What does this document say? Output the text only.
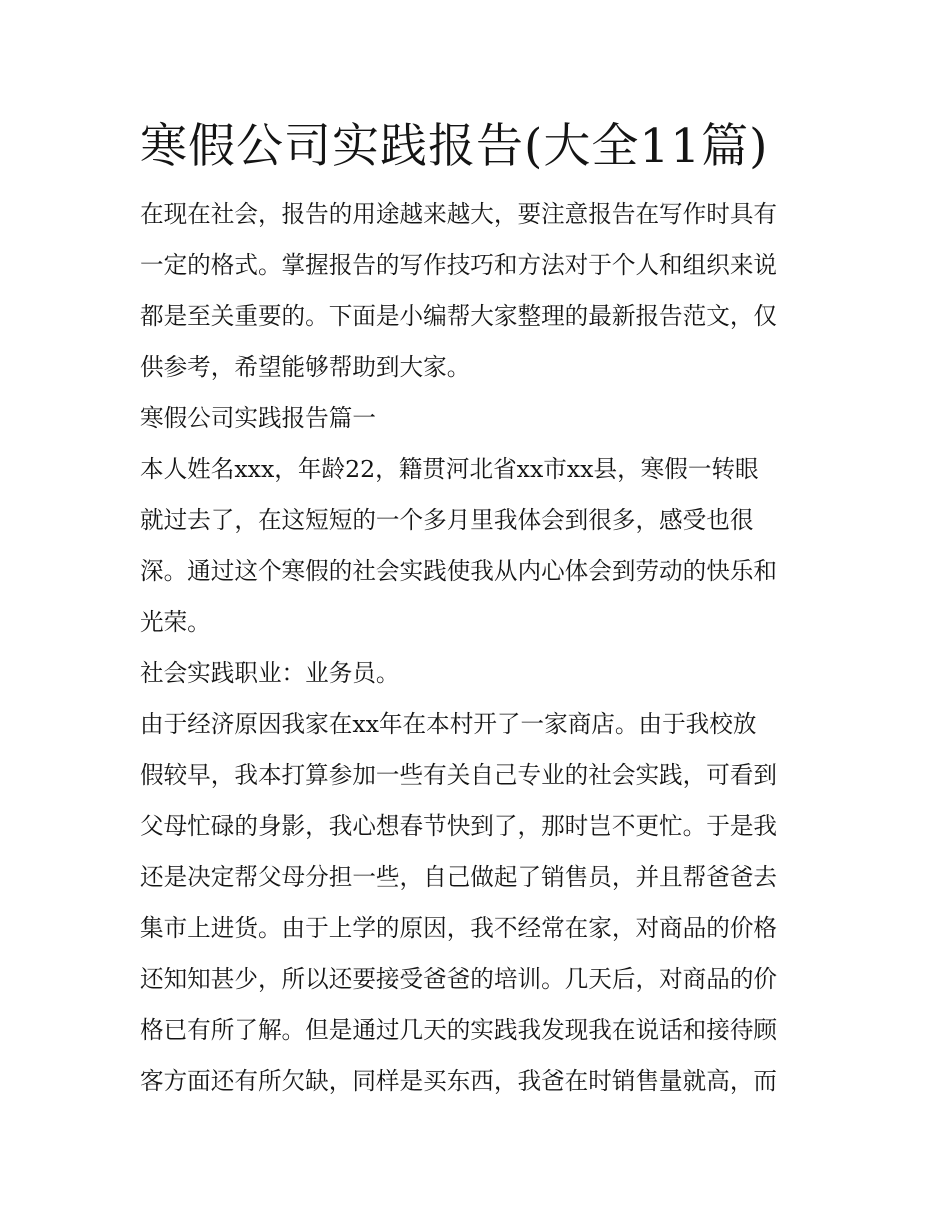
寒假公司实践报告(大全11篇)

在现在社会，报告的用途越来越大，要注意报告在写作时具有

一定的格式。掌握报告的写作技巧和方法对于个人和组织来说

都是至关重要的。下面是小编帮大家整理的最新报告范文，仅

供参考，希望能够帮助到大家。

寒假公司实践报告篇一

本人姓名xxx，年龄22，籍贯河北省xx市xx县，寒假一转眼

就过去了，在这短短的一个多月里我体会到很多，感受也很

深。通过这个寒假的社会实践使我从内心体会到劳动的快乐和

光荣。

社会实践职业：业务员。

由于经济原因我家在xx年在本村开了一家商店。由于我校放

假较早，我本打算参加一些有关自己专业的社会实践，可看到

父母忙碌的身影，我心想春节快到了，那时岂不更忙。于是我

还是决定帮父母分担一些，自己做起了销售员，并且帮爸爸去

集市上进货。由于上学的原因，我不经常在家，对商品的价格

还知知甚少，所以还要接受爸爸的培训。几天后，对商品的价

格已有所了解。但是通过几天的实践我发现我在说话和接待顾

客方面还有所欠缺，同样是买东西，我爸在时销售量就高，而
